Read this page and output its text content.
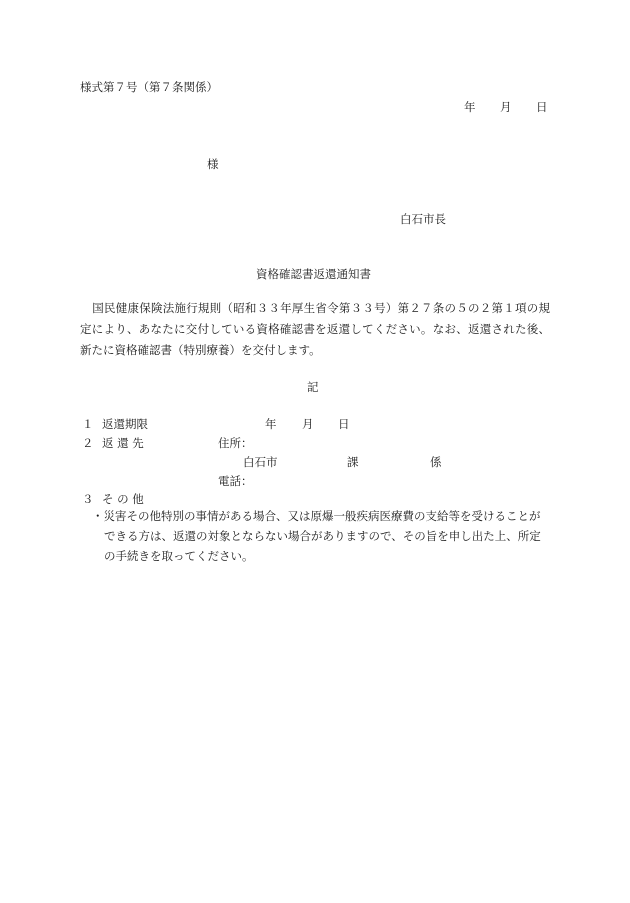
様式第７号（第７条関係）
年 月 日
様
白石市長
資格確認書返還通知書
国民健康保険法施行規則（昭和３３年厚生省令第３３号）第２７条の５の２第１項の規定により、あなたに交付している資格確認書を返還してください。なお、返還された後、新たに資格確認書（特別療養）を交付します。
記
１ 返還期限	年 月 日
２ 返 還 先	住所：
白石市	課	係
電話：
３ そ の 他
・災害その他特別の事情がある場合、又は原爆一般疾病医療費の支給等を受けることができる方は、返還の対象とならない場合がありますので、その旨を申し出た上、所定の手続きを取ってください。
